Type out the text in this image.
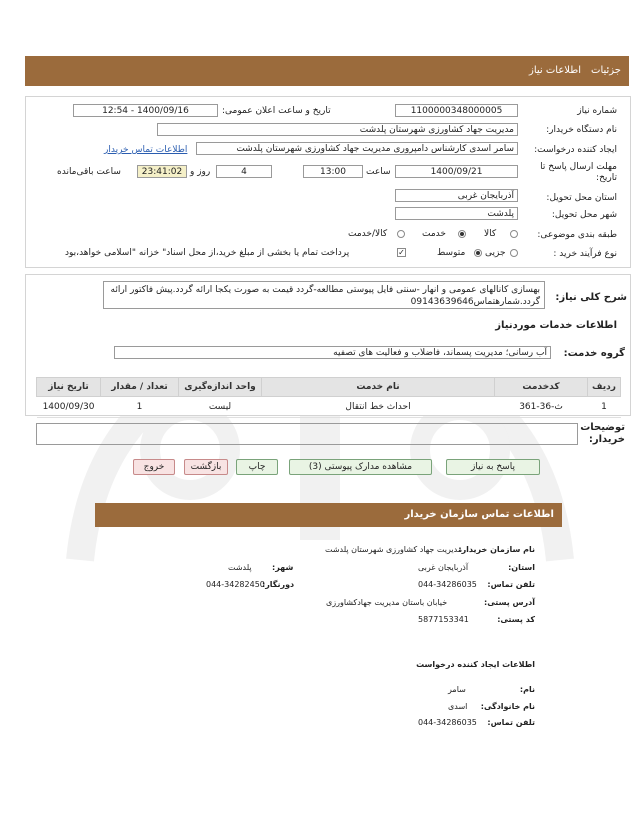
جزئیات
اطلاعات نیاز
شماره نیاز
1100000348000005
تاریخ و ساعت اعلان عمومی:
1400/09/16 - 12:54
نام دستگاه خریدار:
مدیریت جهاد کشاورزی شهرستان پلدشت
ایجاد کننده درخواست:
سامر اسدی کارشناس دامپروری مدیریت جهاد کشاورزی شهرستان پلدشت
اطلاعات تماس خریدار
مهلت ارسال پاسخ تا تاریخ:
1400/09/21
ساعت
13:00
4
روز و
23:41:02
ساعت باقی‌مانده
استان محل تحویل:
آذربایجان غربی
شهر محل تحویل:
پلدشت
طبقه بندی موضوعی:
کالا
خدمت
کالا/خدمت
نوع فرآیند خرید :
جزیی
متوسط
✓
پرداخت تمام یا بخشی از مبلغ خرید،از محل اسناد" خزانه "اسلامی خواهد،بود
شرح کلی نیاز:
بهسازی کانالهای عمومی و انهار -سنتی فایل پیوستی مطالعه-گردد قیمت به صورت یکجا ارائه گردد.پیش فاکتور ارائه گردد.شمارهتماس09143639646
اطلاعات خدمات موردنیاز
گروه خدمت:
آب رسانی؛ مدیریت پسماند، فاضلاب و فعالیت های تصفیه
ردیف	کدخدمت	نام خدمت	واحد اندازه‌گیری	تعداد / مقدار	تاریخ نیاز
1	ث-36-361	احداث خط انتقال	لیست	1	1400/09/30
توضیحات خریدار:
پاسخ به نیاز
مشاهده مدارک پیوستی (3)
چاپ
بازگشت
خروج
اطلاعات تماس سازمان خریدار
نام سازمان خریدار:
مدیریت جهاد کشاورزی شهرستان پلدشت
استان:
آذربایجان غربی
شهر:
پلدشت
تلفن تماس:
044-34286035
دورنگار:
044-34282450
آدرس پستی:
خیابان باستان مدیریت جهادکشاورزی
کد پستی:
5877153341
اطلاعات ایجاد کننده درخواست
نام:
سامر
نام خانوادگی:
اسدی
تلفن تماس:
044-34286035
